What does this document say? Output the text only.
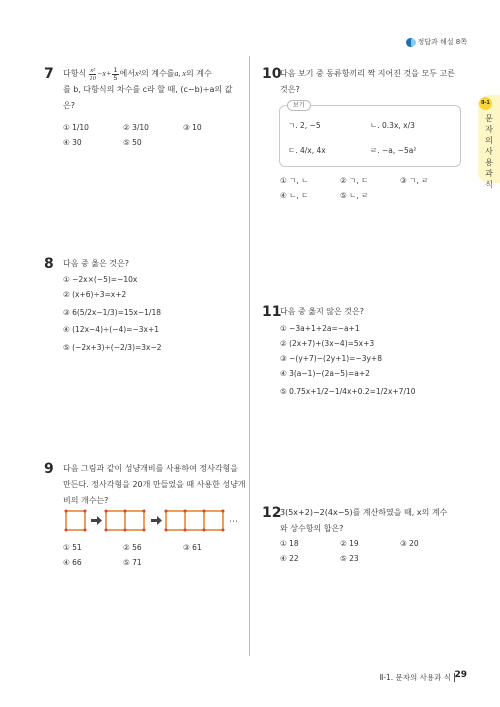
정답과 해설 8쪽
Ⅱ-1
문자의 사용과 식
7 다항식 $\frac{\text{x²}}{10} -x+ \frac{1}{5}$ 에서 x² 의 계수를 a, x 의 계수
를 b, 다항식의 차수를 c라 할 때, (c−b)÷a의 값
은?
① 1/10	② 3/10	③ 10
④ 30	⑤ 50
8 다음 중 옳은 것은?
① −2x×(−5)=−10x
② (x+6)÷3=x+2
③ 6(5/2x−1/3)=15x−1/18
④ (12x−4)÷(−4)=−3x+1
⑤ (−2x+3)÷(−2/3)=3x−2
9 다음 그림과 같이 성냥개비를 사용하여 정사각형을
만든다. 정사각형을 20개 만들었을 때 사용한 성냥개
비의 개수는?
⋯
① 51	② 56	③ 61
④ 66	⑤ 71
10
다음 보기 중 동류항끼리 짝 지어진 것을 모두 고른
것은?
보기
ㄱ. 2, −5	ㄴ. 0.3x, x/3
ㄷ. 4/x, 4x	ㄹ. −a, −5a²
① ㄱ, ㄴ	② ㄱ, ㄷ	③ ㄱ, ㄹ
④ ㄴ, ㄷ	⑤ ㄴ, ㄹ
11
다음 중 옳지 않은 것은?
① −3a+1+2a=−a+1
② (2x+7)+(3x−4)=5x+3
③ −(y+7)−(2y+1)=−3y+8
④ 3(a−1)−(2a−5)=a+2
⑤ 0.75x+1/2−1/4x+0.2=1/2x+7/10
12
3(5x+2)−2(4x−5)를 계산하였을 때, x의 계수
와 상수항의 합은?
① 18	② 19	③ 20
④ 22	⑤ 23
Ⅱ-1. 문자의 사용과 식 29
